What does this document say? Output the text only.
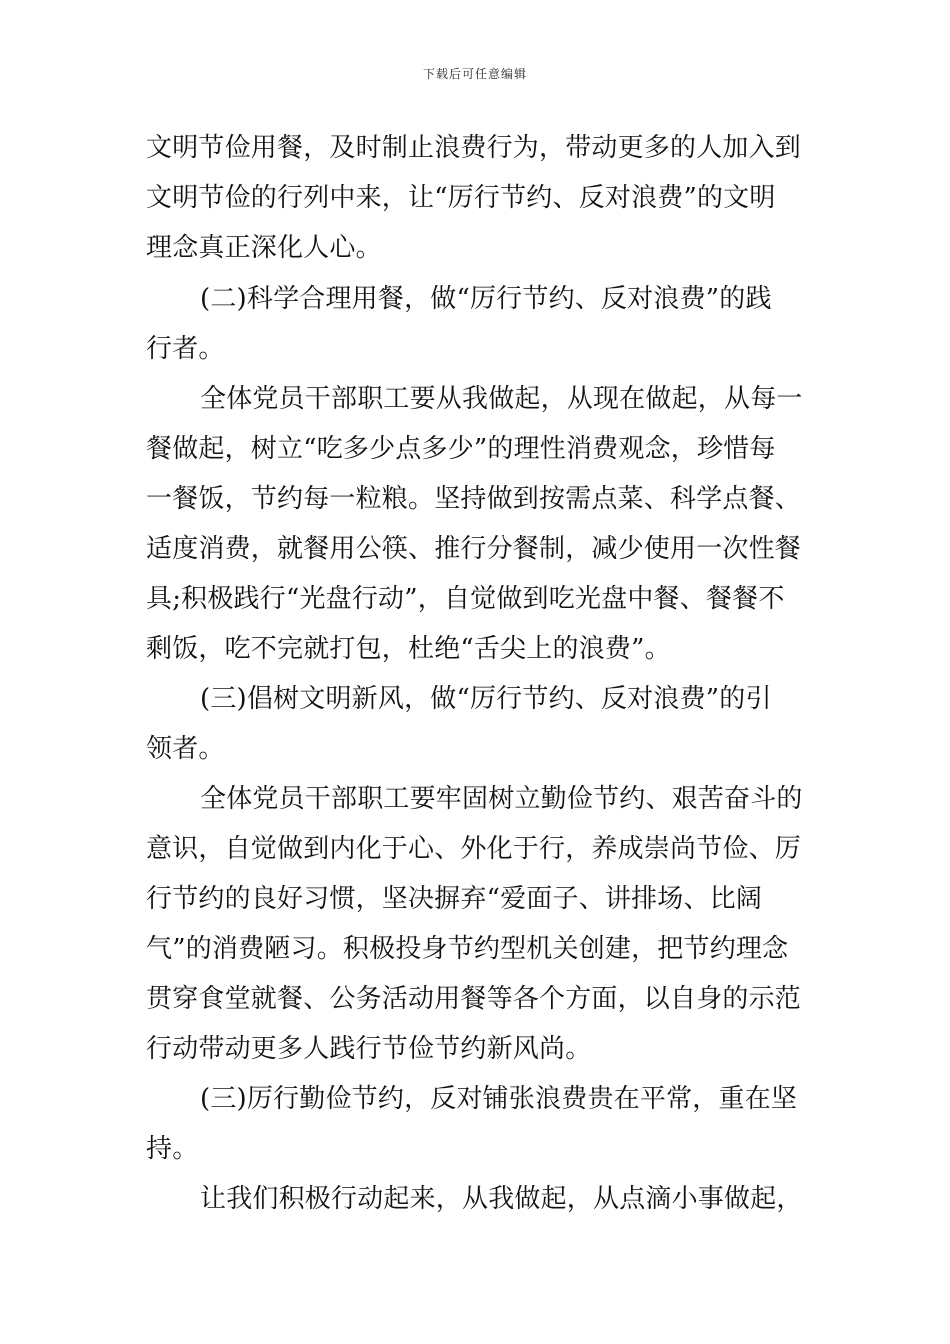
下载后可任意编辑
文明节俭用餐，及时制止浪费行为，带动更多的人加入到
文明节俭的行列中来，让“厉行节约、反对浪费”的文明
理念真正深化人心。
(二)科学合理用餐，做“厉行节约、反对浪费”的践
行者。
全体党员干部职工要从我做起，从现在做起，从每一
餐做起，树立“吃多少点多少”的理性消费观念，珍惜每
一餐饭，节约每一粒粮。坚持做到按需点菜、科学点餐、
适度消费，就餐用公筷、推行分餐制，减少使用一次性餐
具;积极践行“光盘行动”，自觉做到吃光盘中餐、餐餐不
剩饭，吃不完就打包，杜绝“舌尖上的浪费”。
(三)倡树文明新风，做“厉行节约、反对浪费”的引
领者。
全体党员干部职工要牢固树立勤俭节约、艰苦奋斗的
意识，自觉做到内化于心、外化于行，养成崇尚节俭、厉
行节约的良好习惯，坚决摒弃“爱面子、讲排场、比阔
气”的消费陋习。积极投身节约型机关创建，把节约理念
贯穿食堂就餐、公务活动用餐等各个方面，以自身的示范
行动带动更多人践行节俭节约新风尚。
(三)厉行勤俭节约，反对铺张浪费贵在平常，重在坚
持。
让我们积极行动起来，从我做起，从点滴小事做起，
